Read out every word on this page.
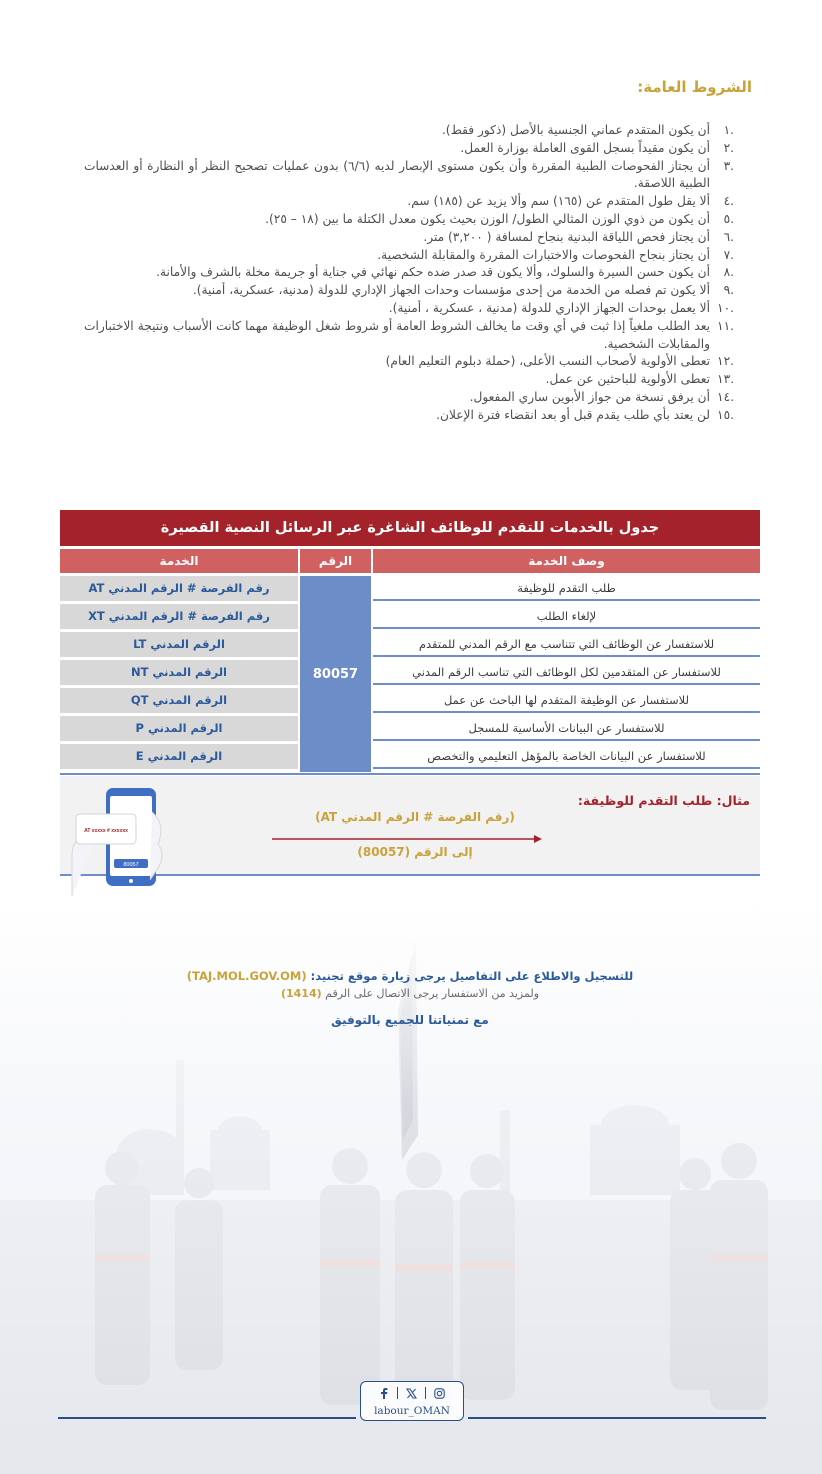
الشروط العامة:
.١
أن يكون المتقدم عماني الجنسية بالأصل (ذكور فقط).
.٢
أن يكون مقيداً بسجل القوى العاملة بوزارة العمل.
.٣
أن يجتاز الفحوصات الطبية المقررة وأن يكون مستوى الإبصار لديه (٦/٦) بدون عمليات تصحيح النظر أو النظارة أو العدسات الطبية اللاصقة.
.٤
ألا يقل طول المتقدم عن (١٦٥) سم وألا يزيد عن (١٨٥) سم.
.٥
أن يكون من ذوي الوزن المثالي الطول/ الوزن بحيث يكون معدل الكتلة ما بين (١٨ – ٢٥).
.٦
أن يجتاز فحص اللياقة البدنية بنجاح لمسافة ( ٣,٢٠٠) متر.
.٧
أن يجتاز بنجاح الفحوصات والاختبارات المقررة والمقابلة الشخصية.
.٨
أن يكون حسن السيرة والسلوك، وألا يكون قد صدر ضده حكم نهائي في جناية أو جريمة مخلة بالشرف والأمانة.
.٩
ألا يكون تم فصله من الخدمة من إحدى مؤسسات وحدات الجهاز الإداري للدولة (مدنية، عسكرية، أمنية).
.١٠
ألا يعمل بوحدات الجهاز الإداري للدولة (مدنية ، عسكرية ، أمنية).
.١١
يعد الطلب ملغياً إذا ثبت في أي وقت ما يخالف الشروط العامة أو شروط شغل الوظيفة مهما كانت الأسباب ونتيجة الاختبارات والمقابلات الشخصية.
.١٢
تعطى الأولوية لأصحاب النسب الأعلى، (حملة دبلوم التعليم العام)
.١٣
تعطى الأولوية للباحثين عن عمل.
.١٤
أن يرفق نسخة من جواز الأبوين ساري المفعول.
.١٥
لن يعتد بأي طلب يقدم قبل أو بعد انقضاء فترة الإعلان.
جدول بالخدمات للتقدم للوظائف الشاغرة عبر الرسائل النصية القصيرة
وصف الخدمة
الرقم
الخدمة
80057
طلب التقدم للوظيفة
رقم الفرصة # الرقم المدني AT
لإلغاء الطلب
رقم الفرصة # الرقم المدني XT
للاستفسار عن الوظائف التي تتناسب مع الرقم المدني للمتقدم
الرقم المدني LT
للاستفسار عن المتقدمين لكل الوظائف التي تناسب الرقم المدني
الرقم المدني NT
للاستفسار عن الوظيفة المتقدم لها الباحث عن عمل
الرقم المدني QT
للاستفسار عن البيانات الأساسية للمسجل
الرقم المدني P
للاستفسار عن البيانات الخاصة بالمؤهل التعليمي والتخصص
الرقم المدني E
مثال: طلب التقدم للوظيفة:
(رقم الفرصة # الرقم المدني AT)
إلى الرقم (80057)
80057
AT xxxxx # xxxxxx
للتسجيل والاطلاع على التفاصيل يرجى زيارة موقع تجنيد: (TAJ.MOL.GOV.OM)
ولمزيد من الاستفسار يرجى الاتصال على الرقم (1414)
مع تمنياتنا للجميع بالتوفيق
labour_OMAN
